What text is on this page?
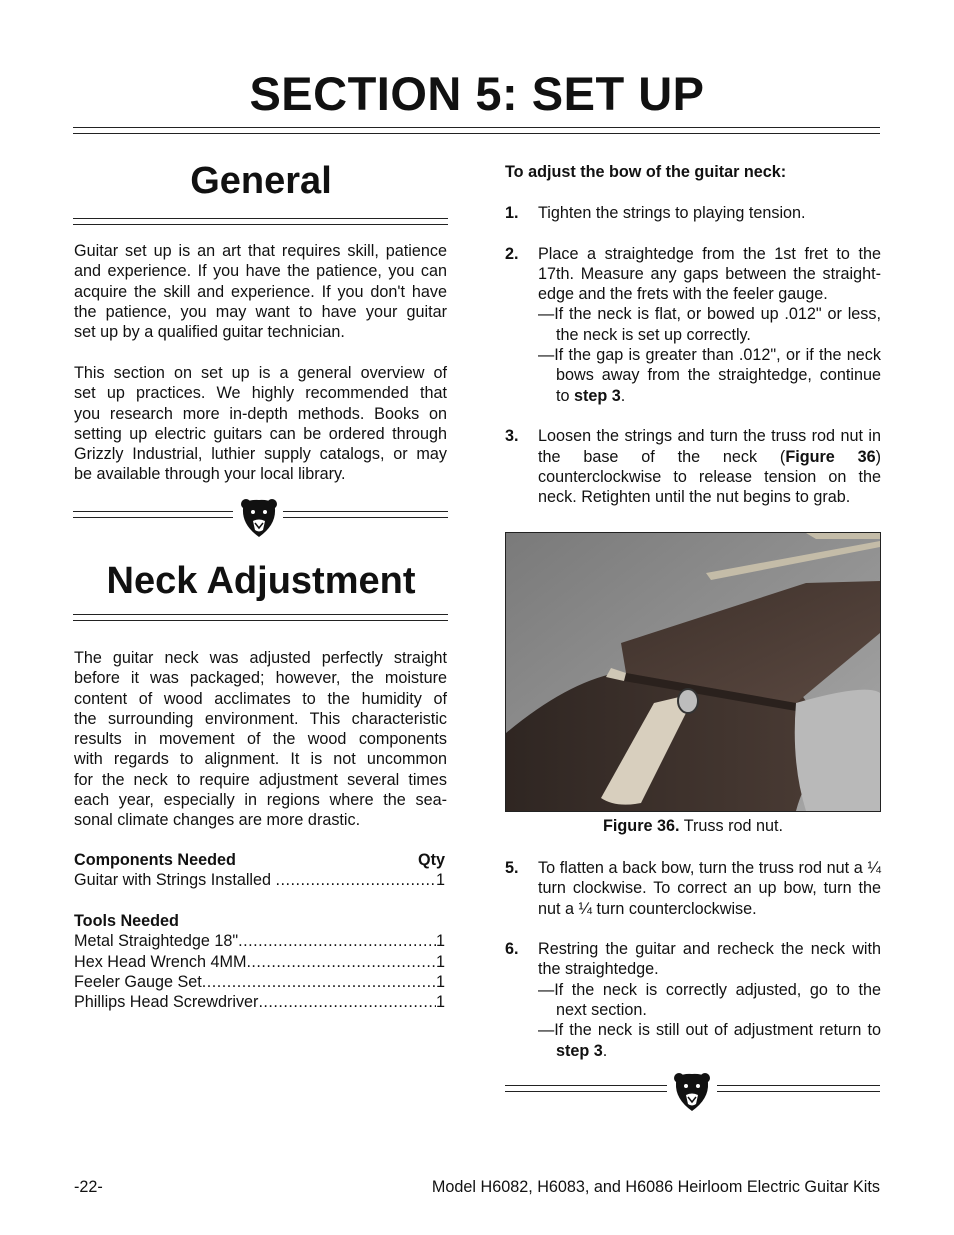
SECTION 5: SET UP
General
Guitar set up is an art that requires skill, patience
and experience. If you have the patience, you can
acquire the skill and experience. If you don't have
the patience, you may want to have your guitar
set up by a qualified guitar technician.
This section on set up is a general overview of
set up practices. We highly recommended that
you research more in-depth methods. Books on
setting up electric guitars can be ordered through
Grizzly Industrial, luthier supply catalogs, or may
be available through your local library.
Neck Adjustment
The guitar neck was adjusted perfectly straight
before it was packaged; however, the moisture
content of wood acclimates to the humidity of
the surrounding environment. This characteristic
results in movement of the wood components
with regards to alignment. It is not uncommon
for the neck to require adjustment several times
each year, especially in regions where the sea-
sonal climate changes are more drastic.
Components Needed	Qty
Guitar with Strings Installed .....	1
Tools Needed
Metal Straightedge 18" .....	1
Hex Head Wrench 4MM .....	1
Feeler Gauge Set .....	1
Phillips Head Screwdriver .....	1
To adjust the bow of the guitar neck:
1. Tighten the strings to playing tension.
2. Place a straightedge from the 1st fret to the
17th. Measure any gaps between the straight-
edge and the frets with the feeler gauge.
—If the neck is flat, or bowed up .012" or less, the neck is set up correctly.
—If the gap is greater than .012", or if the neck bows away from the straightedge, continue to step 3.
3. Loosen the strings and turn the truss rod nut in the base of the neck (Figure 36) counterclockwise to release tension on the neck. Retighten until the nut begins to grab.
Figure 36. Truss rod nut.
5. To flatten a back bow, turn the truss rod nut a ¼ turn clockwise. To correct an up bow, turn the nut a ¼ turn counterclockwise.
6. Restring the guitar and recheck the neck with the straightedge.
—If the neck is correctly adjusted, go to the next section.
—If the neck is still out of adjustment return to step 3.
-22-	Model H6082, H6083, and H6086 Heirloom Electric Guitar Kits
